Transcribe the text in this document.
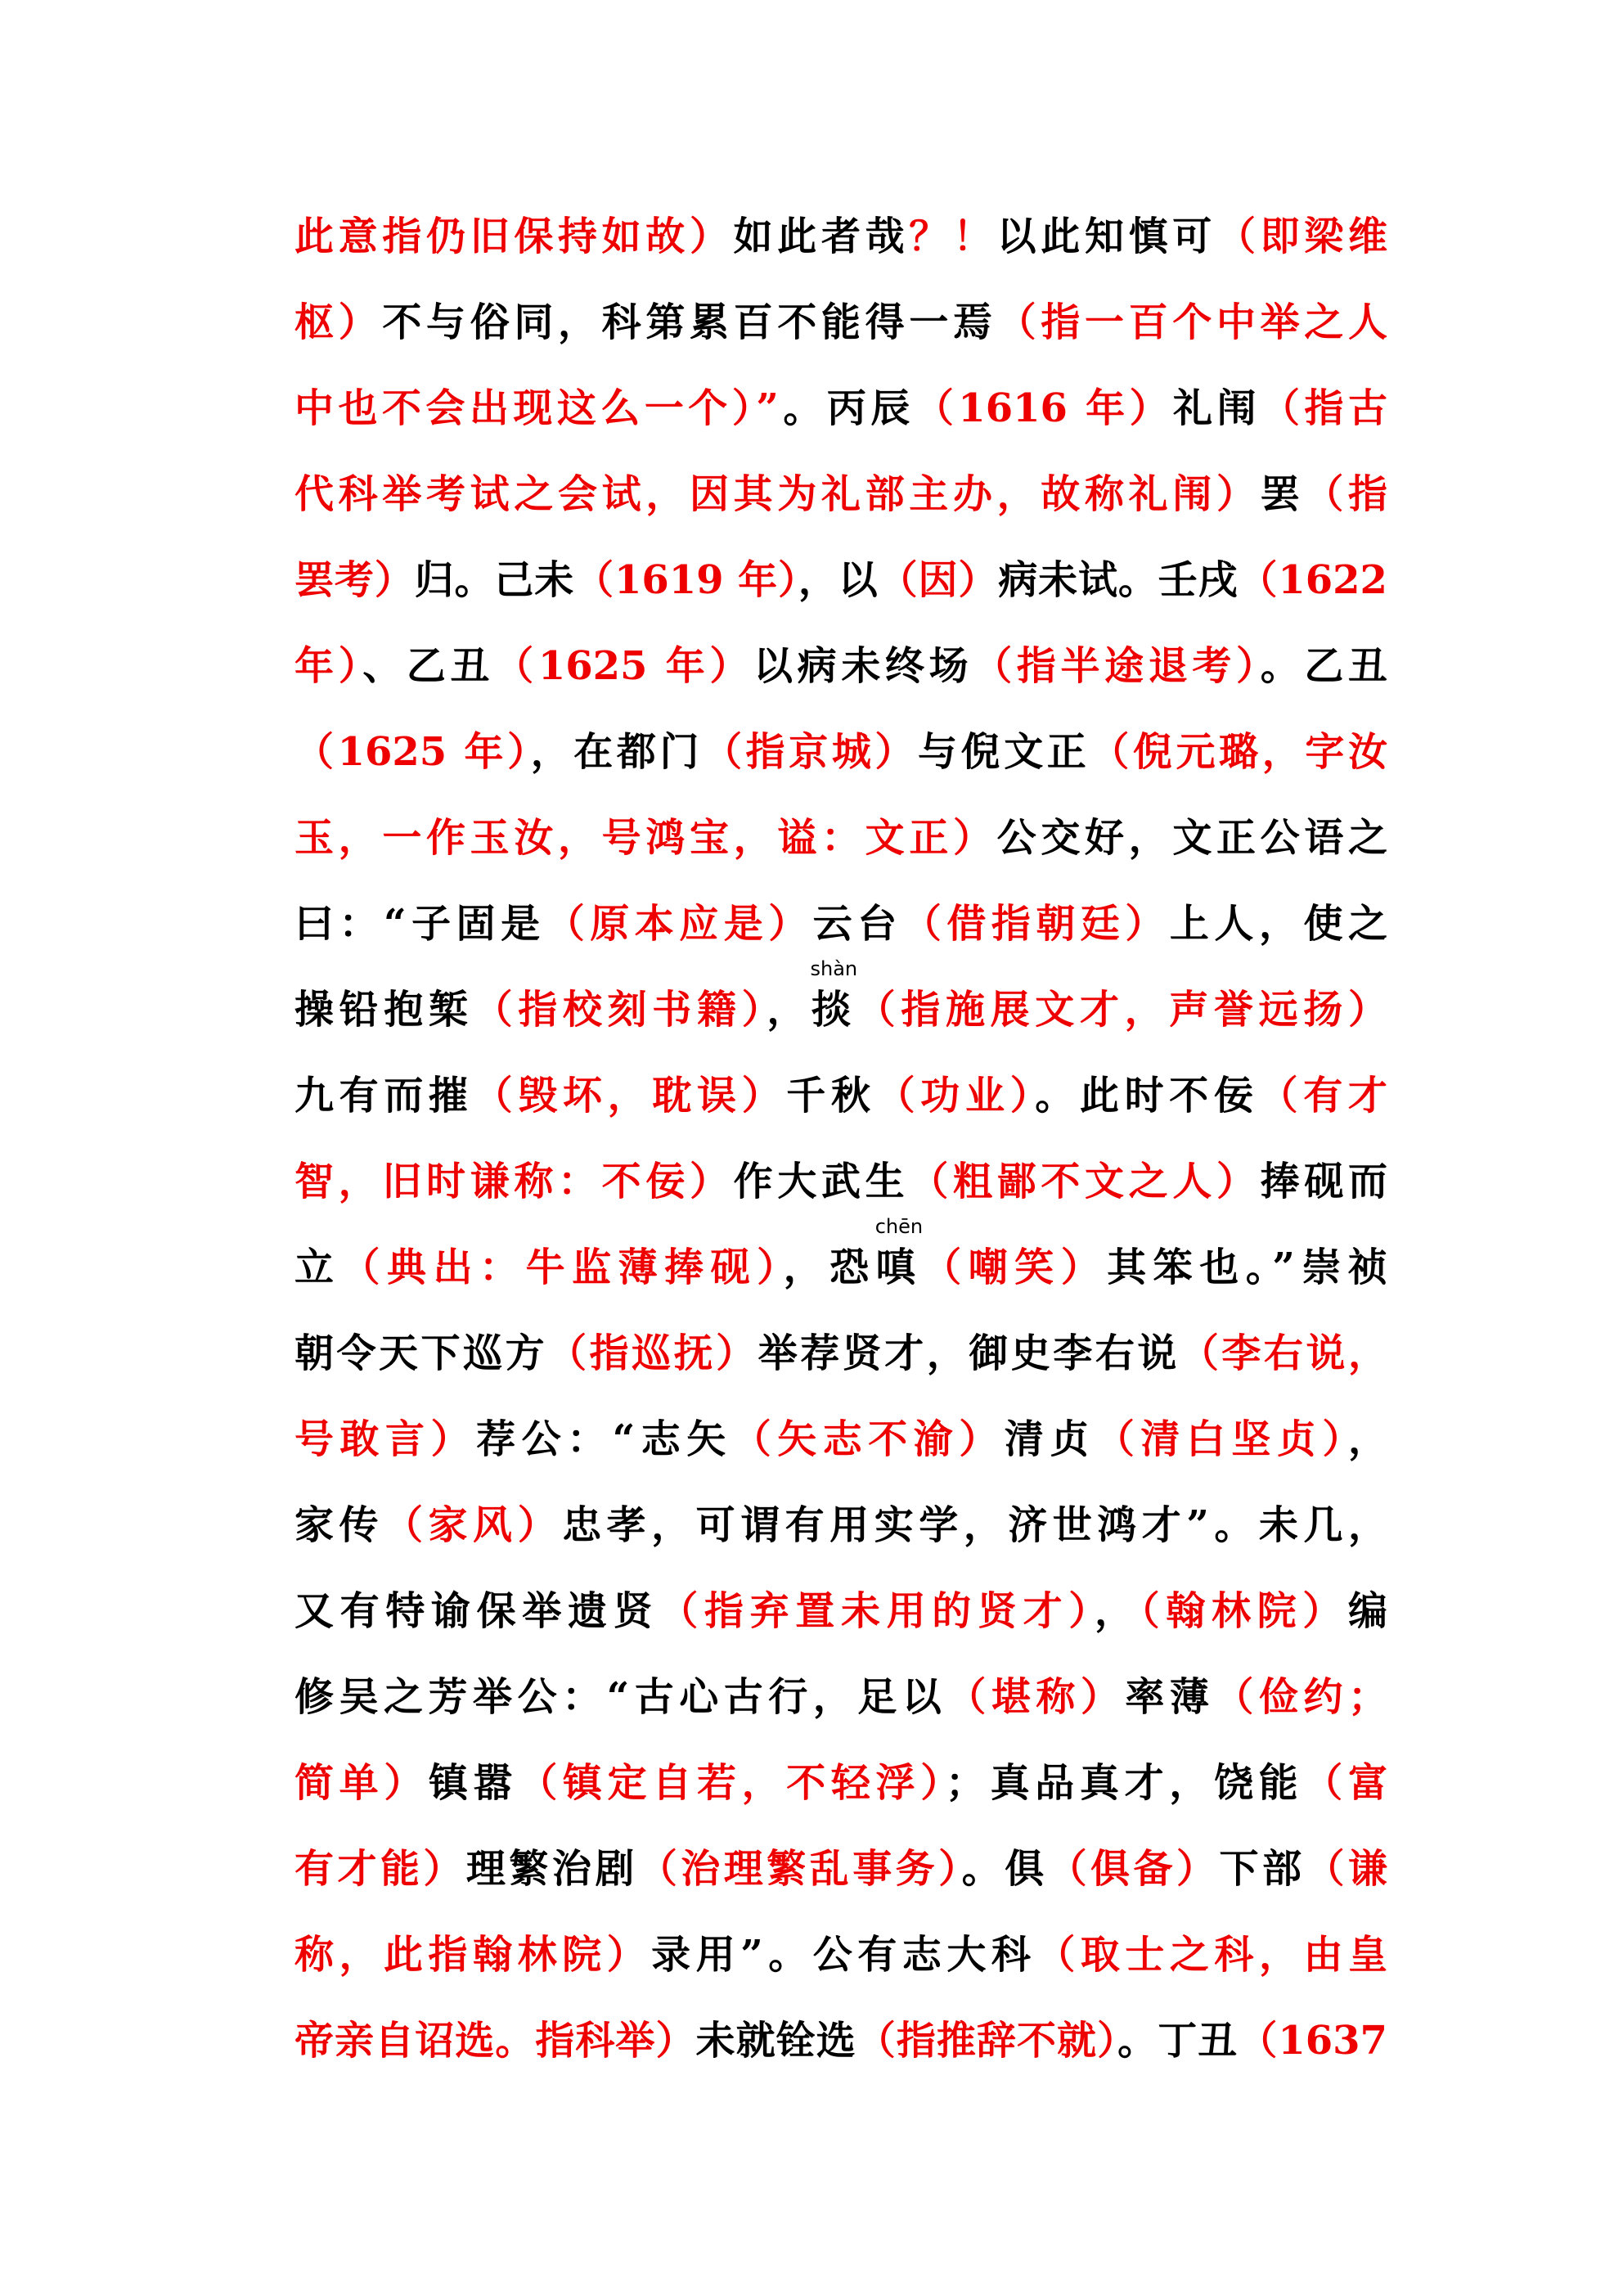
此意指仍旧保持如故）如此者哉？！以此知慎可（即梁维
枢）不与俗同，科第累百不能得一焉（指一百个中举之人
中也不会出现这么一个）”。丙辰（1616 年）礼闱（指古
代科举考试之会试，因其为礼部主办，故称礼闱）罢（指
罢考）归。己未（1619 年），以（因）病未试。壬戌（1622
年）、乙丑（1625 年）以病未终场（指半途退考）。乙丑
（1625 年），在都门（指京城）与倪文正（倪元璐，字汝
玉，一作玉汝，号鸿宝，谥：文正）公交好，文正公语之
曰：“子固是（原本应是）云台（借指朝廷）上人，使之
操铅抱椠（指校刻书籍），掞
shàn
（指施展文才，声誉远扬）
九有而摧（毁坏，耽误）千秋（功业）。此时不佞（有才
智，旧时谦称：不佞）作大武生（粗鄙不文之人）捧砚而
立（典出：牛监薄捧砚），恐嗔
chēn
（嘲笑）其笨也。”崇祯
朝令天下巡方（指巡抚）举荐贤才，御史李右说（李右说，
号敢言）荐公：“志矢（矢志不渝）清贞（清白坚贞），
家传（家风）忠孝，可谓有用实学，济世鸿才”。未几，
又有特谕保举遗贤（指弃置未用的贤才），（翰林院）编
修吴之芳举公：“古心古行，足以（堪称）率薄（俭约；
简单）镇嚣（镇定自若，不轻浮）；真品真才，饶能（富
有才能）理繁治剧（治理繁乱事务）。俱（俱备）下部（谦
称，此指翰林院）录用”。公有志大科（取士之科，由皇
帝亲自诏选。指科举）未就铨选（指推辞不就）。丁丑（1637
